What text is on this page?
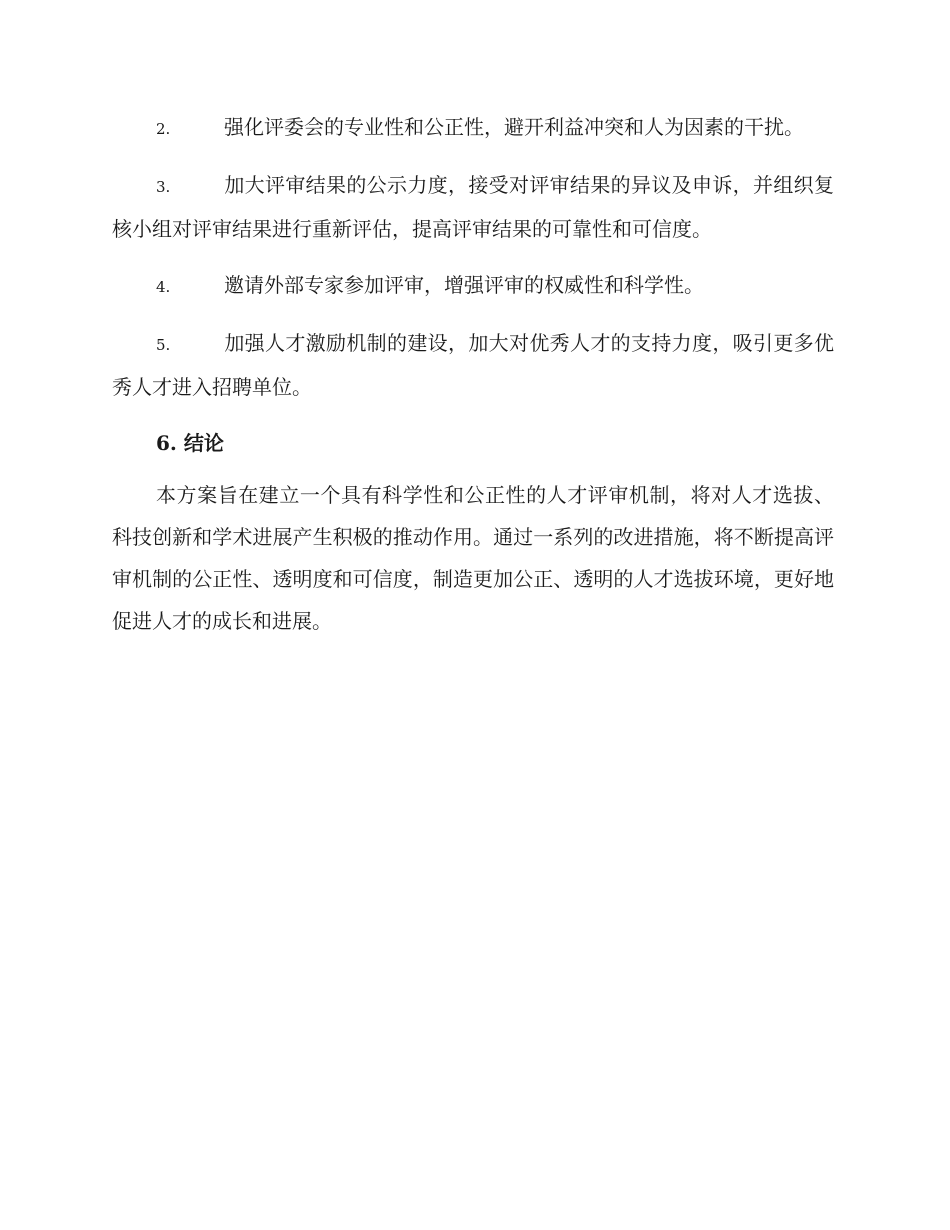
2.	强化评委会的专业性和公正性，避开利益冲突和人为因素的干扰。

3.	加大评审结果的公示力度，接受对评审结果的异议及申诉，并组织复核小组对评审结果进行重新评估，提高评审结果的可靠性和可信度。

4.	邀请外部专家参加评审，增强评审的权威性和科学性。

5.	加强人才激励机制的建设，加大对优秀人才的支持力度，吸引更多优秀人才进入招聘单位。

6. 结论

本方案旨在建立一个具有科学性和公正性的人才评审机制，将对人才选拔、科技创新和学术进展产生积极的推动作用。通过一系列的改进措施，将不断提高评审机制的公正性、透明度和可信度，制造更加公正、透明的人才选拔环境，更好地促进人才的成长和进展。
